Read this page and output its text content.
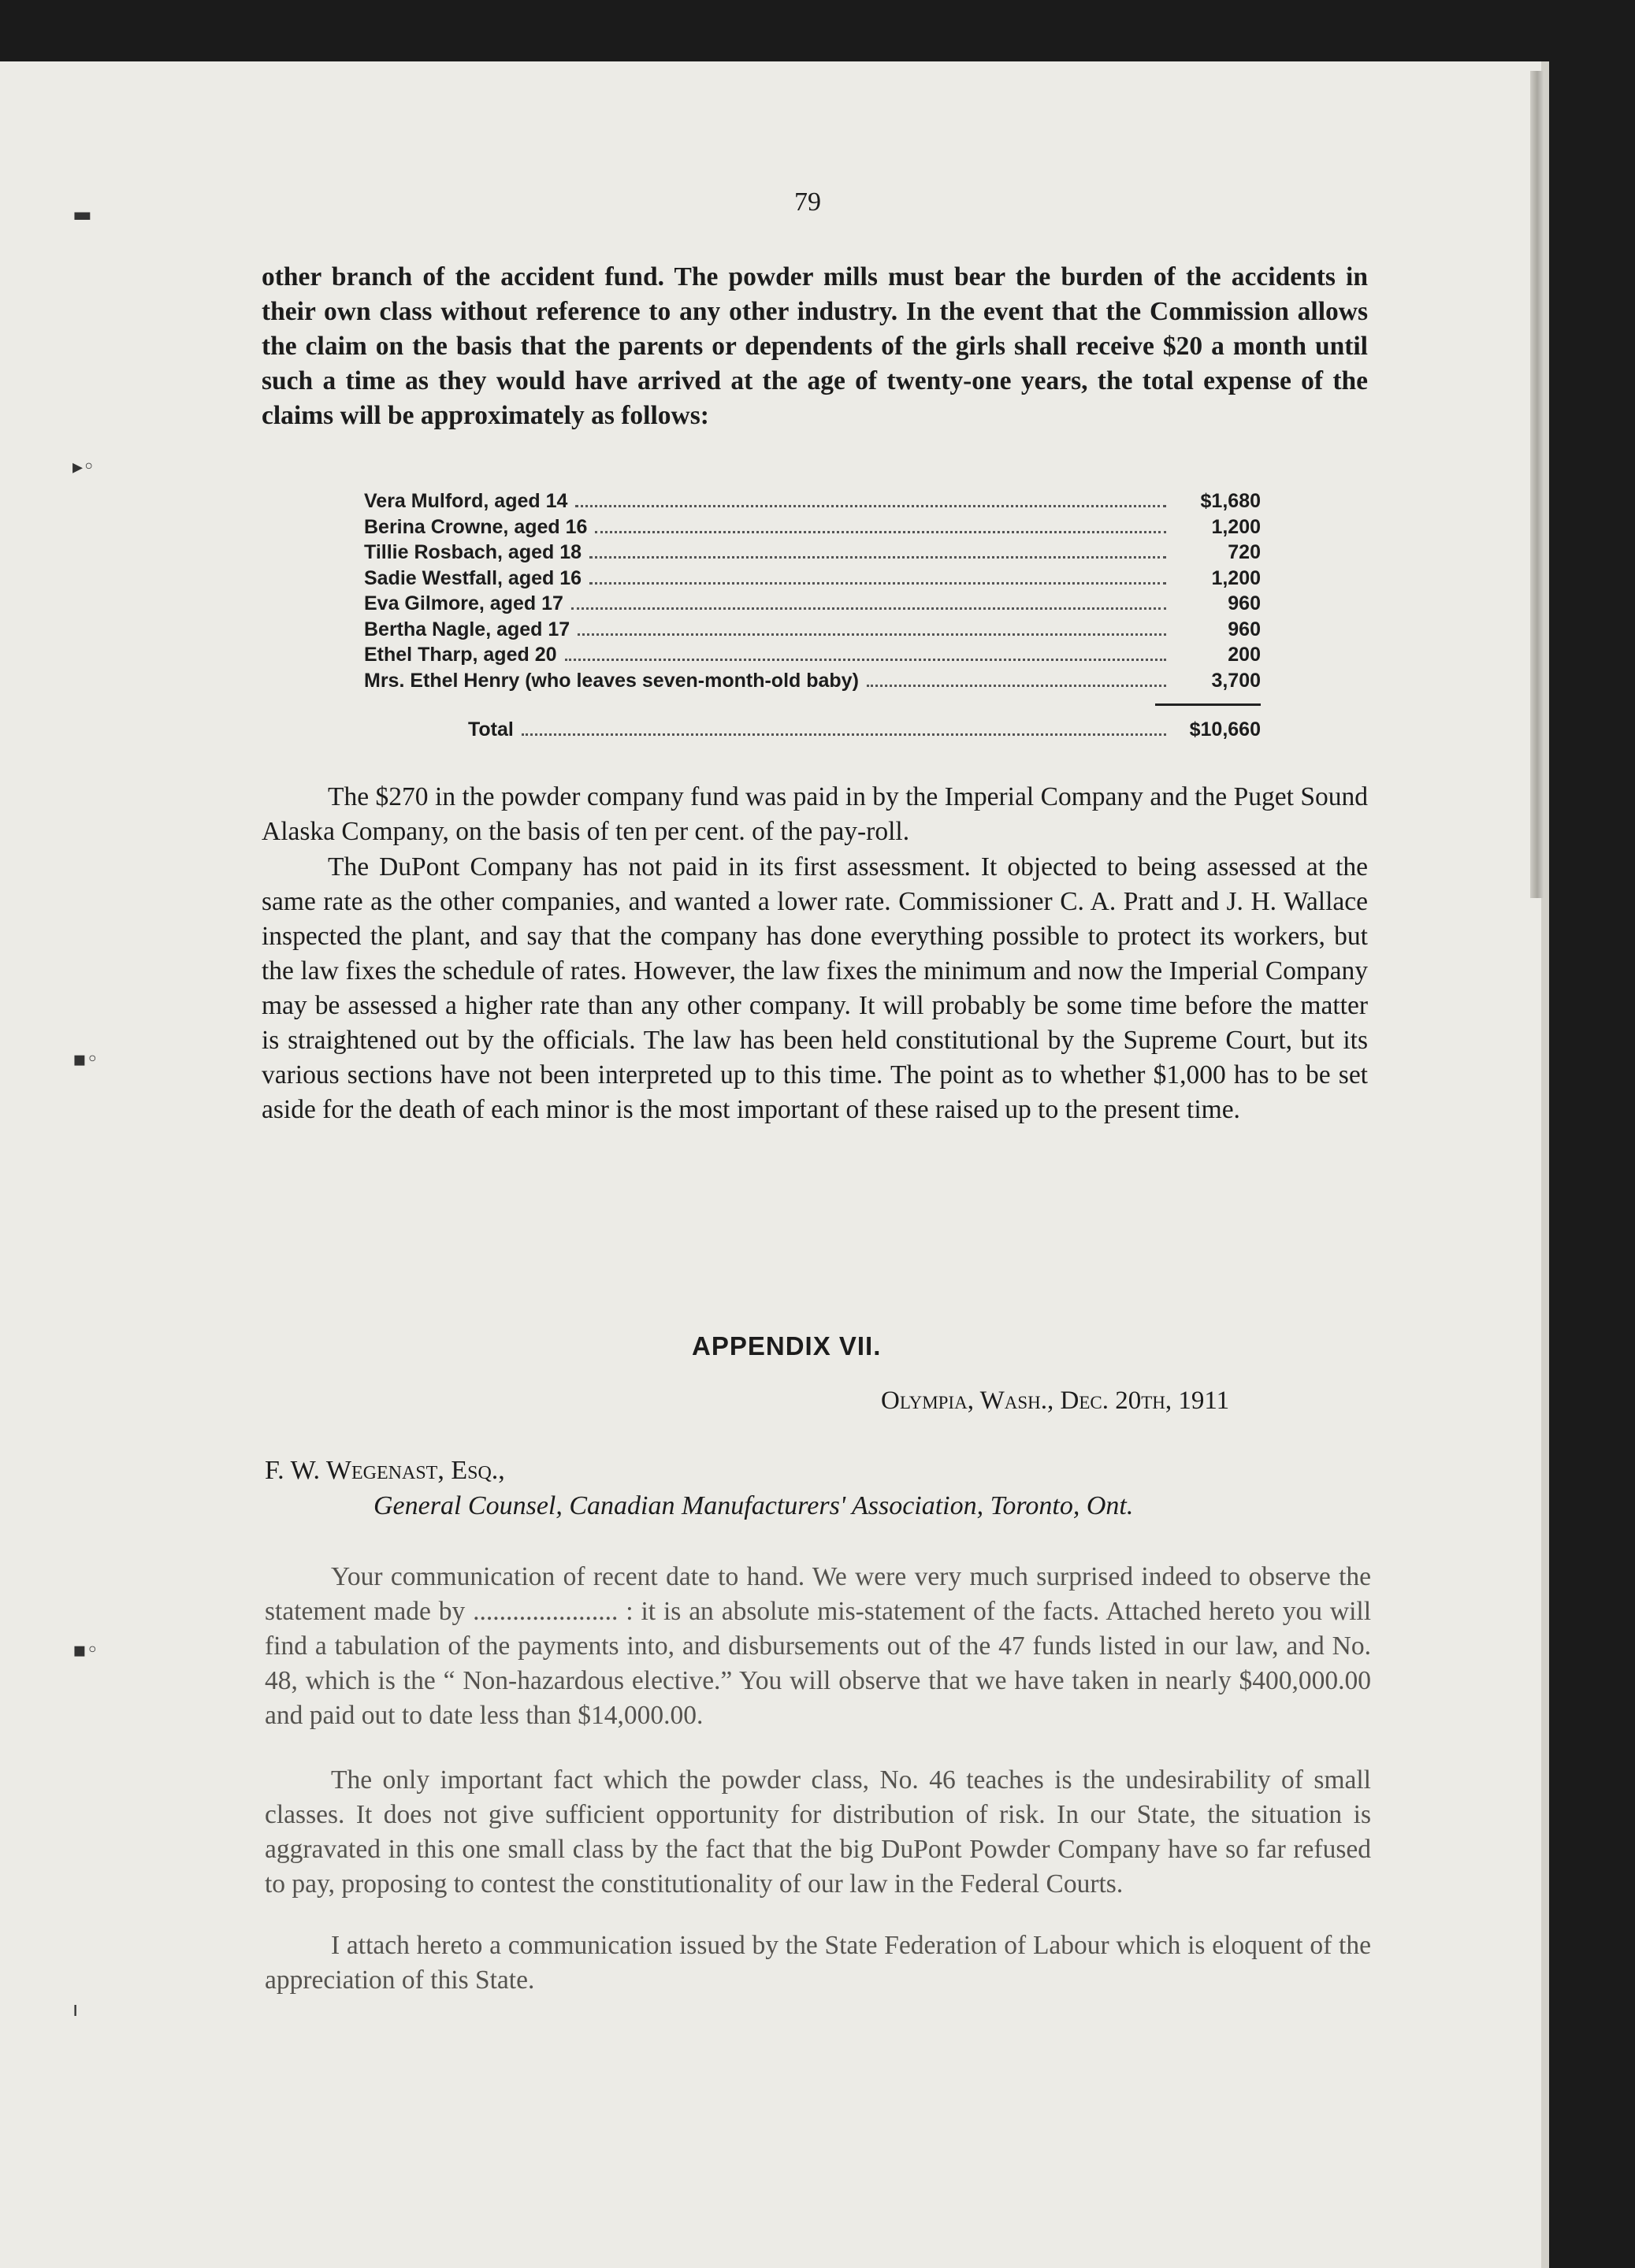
▬
▸◦
▪◦
▪◦
ı
79

other branch of the accident fund. The powder mills must bear the burden of the accidents in their own class without reference to any other industry. In the event that the Commission allows the claim on the basis that the parents or dependents of the girls shall receive $20 a month until such a time as they would have arrived at the age of twenty-one years, the total expense of the claims will be approximately as follows:

Vera Mulford, aged 14	$1,680
Berina Crowne, aged 16	1,200
Tillie Rosbach, aged 18	720
Sadie Westfall, aged 16	1,200
Eva Gilmore, aged 17	960
Bertha Nagle, aged 17	960
Ethel Tharp, aged 20	200
Mrs. Ethel Henry (who leaves seven-month-old baby)	3,700
Total	$10,660

The $270 in the powder company fund was paid in by the Imperial Company and the Puget Sound Alaska Company, on the basis of ten per cent. of the pay-roll.

The DuPont Company has not paid in its first assessment. It objected to being assessed at the same rate as the other companies, and wanted a lower rate. Commissioner C. A. Pratt and J. H. Wallace inspected the plant, and say that the company has done everything possible to protect its workers, but the law fixes the schedule of rates. However, the law fixes the minimum and now the Imperial Company may be assessed a higher rate than any other company. It will probably be some time before the matter is straightened out by the officials. The law has been held constitutional by the Supreme Court, but its various sections have not been interpreted up to this time. The point as to whether $1,000 has to be set aside for the death of each minor is the most important of these raised up to the present time.

APPENDIX VII.
Olympia, Wash., Dec. 20th, 1911
F. W. Wegenast, Esq.,
General Counsel, Canadian Manufacturers' Association, Toronto, Ont.

Your communication of recent date to hand. We were very much surprised indeed to observe the statement made by ...................... : it is an absolute mis-statement of the facts. Attached hereto you will find a tabulation of the payments into, and disbursements out of the 47 funds listed in our law, and No. 48, which is the “ Non-hazardous elective.” You will observe that we have taken in nearly $400,000.00 and paid out to date less than $14,000.00.

The only important fact which the powder class, No. 46 teaches is the undesirability of small classes. It does not give sufficient opportunity for distribution of risk. In our State, the situation is aggravated in this one small class by the fact that the big DuPont Powder Company have so far refused to pay, proposing to contest the constitutionality of our law in the Federal Courts.

I attach hereto a communication issued by the State Federation of Labour which is eloquent of the appreciation of this State.
